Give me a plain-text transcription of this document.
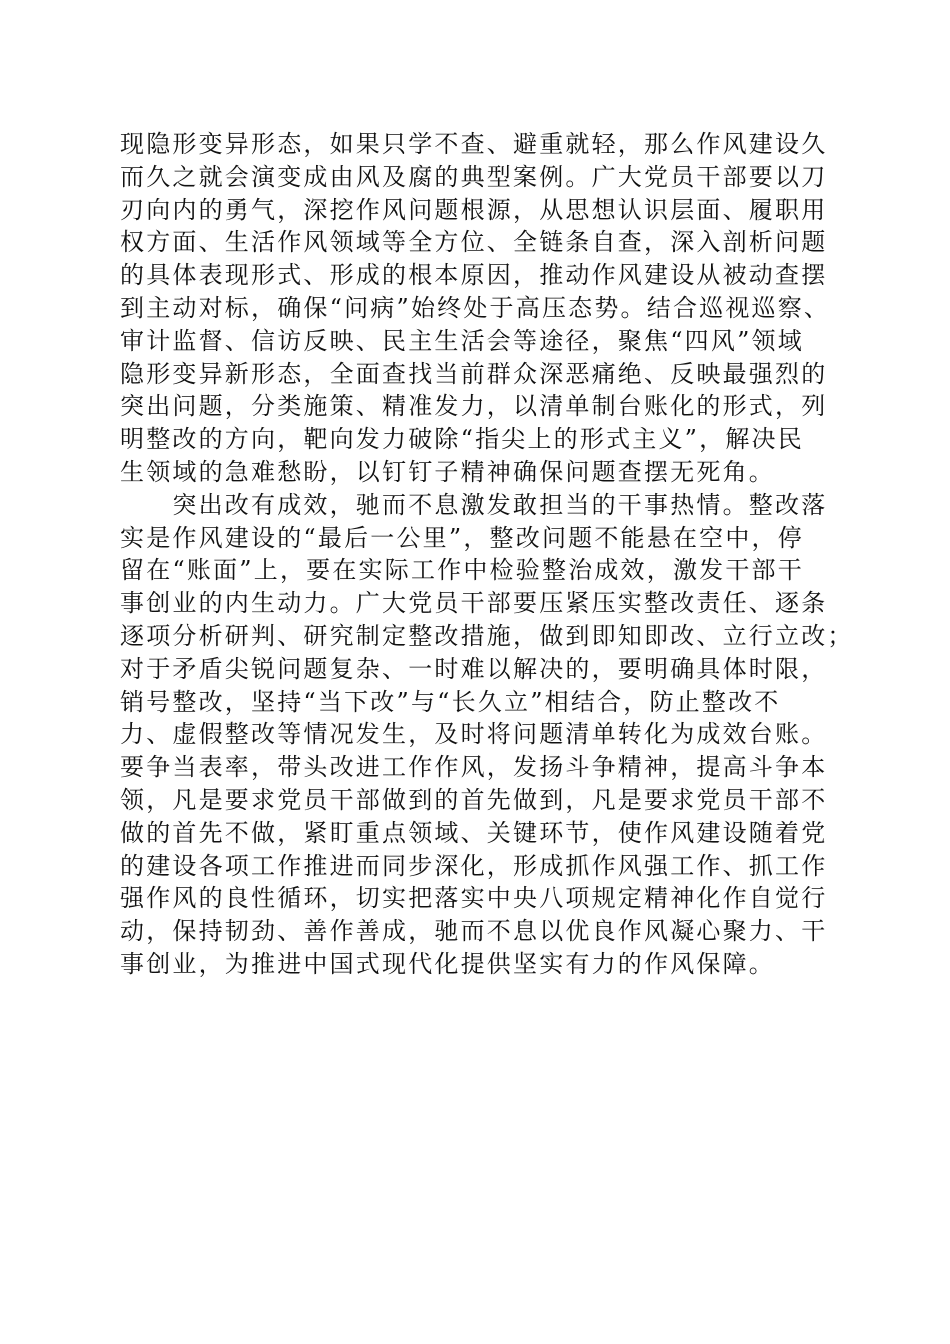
现隐形变异形态，如果只学不查、避重就轻，那么作风建设久
而久之就会演变成由风及腐的典型案例。广大党员干部要以刀
刃向内的勇气，深挖作风问题根源，从思想认识层面、履职用
权方面、生活作风领域等全方位、全链条自查，深入剖析问题
的具体表现形式、形成的根本原因，推动作风建设从被动查摆
到主动对标，确保“问病”始终处于高压态势。结合巡视巡察、
审计监督、信访反映、民主生活会等途径，聚焦“四风”领域
隐形变异新形态，全面查找当前群众深恶痛绝、反映最强烈的
突出问题，分类施策、精准发力，以清单制台账化的形式，列
明整改的方向，靶向发力破除“指尖上的形式主义”，解决民
生领域的急难愁盼，以钉钉子精神确保问题查摆无死角。
　　突出改有成效，驰而不息激发敢担当的干事热情。整改落
实是作风建设的“最后一公里”，整改问题不能悬在空中，停
留在“账面”上，要在实际工作中检验整治成效，激发干部干
事创业的内生动力。广大党员干部要压紧压实整改责任、逐条
逐项分析研判、研究制定整改措施，做到即知即改、立行立改；
对于矛盾尖锐问题复杂、一时难以解决的，要明确具体时限，
销号整改，坚持“当下改”与“长久立”相结合，防止整改不
力、虚假整改等情况发生，及时将问题清单转化为成效台账。
要争当表率，带头改进工作作风，发扬斗争精神，提高斗争本
领，凡是要求党员干部做到的首先做到，凡是要求党员干部不
做的首先不做，紧盯重点领域、关键环节，使作风建设随着党
的建设各项工作推进而同步深化，形成抓作风强工作、抓工作
强作风的良性循环，切实把落实中央八项规定精神化作自觉行
动，保持韧劲、善作善成，驰而不息以优良作风凝心聚力、干
事创业，为推进中国式现代化提供坚实有力的作风保障。
